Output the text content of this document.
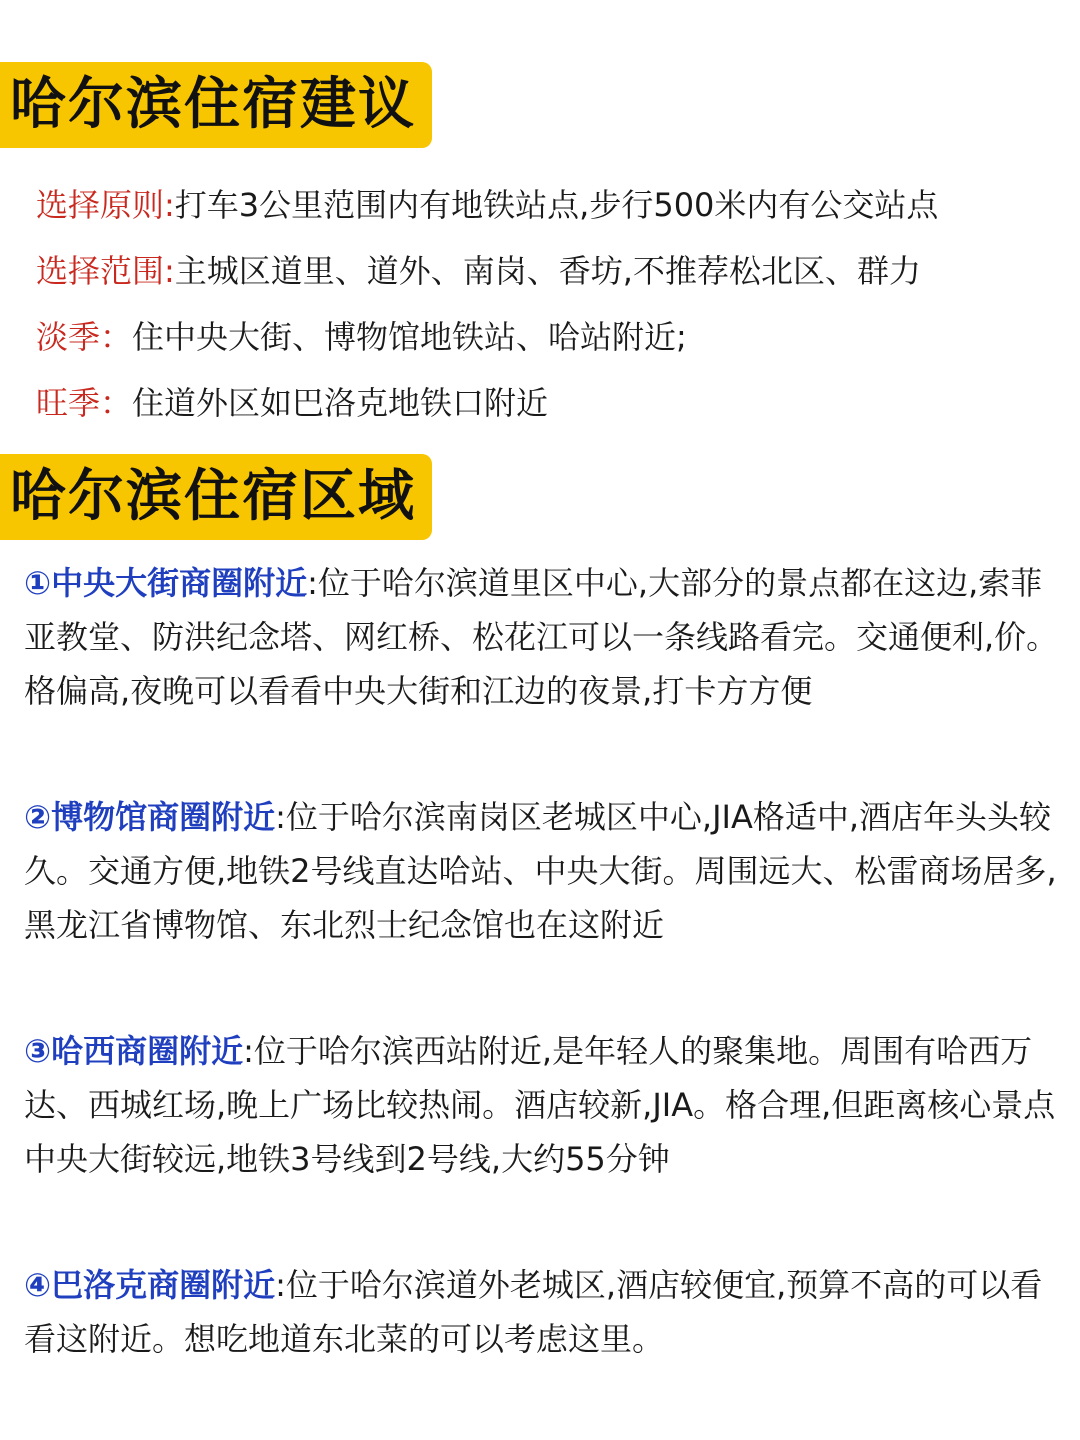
哈尔滨住宿建议
选择原则:打车3公里范围内有地铁站点,步行500米内有公交站点
选择范围:主城区道里、道外、南岗、香坊,不推荐松北区、群力
淡季：住中央大街、博物馆地铁站、哈站附近;
旺季：住道外区如巴洛克地铁口附近
哈尔滨住宿区域

①中央大街商圈附近:位于哈尔滨道里区中心,大部分的景点都在这边,索菲亚教堂、防洪纪念塔、网红桥、松花江可以一条线路看完。交通便利,价。格偏高,夜晚可以看看中央大街和江边的夜景,打卡方方便

②博物馆商圈附近:位于哈尔滨南岗区老城区中心,JIA格适中,酒店年头头较久。交通方便,地铁2号线直达哈站、中央大街。周围远大、松雷商场居多,黑龙江省博物馆、东北烈士纪念馆也在这附近

③哈西商圈附近:位于哈尔滨西站附近,是年轻人的聚集地。周围有哈西万达、西城红场,晚上广场比较热闹。酒店较新,JIA。格合理,但距离核心景点中央大街较远,地铁3号线到2号线,大约55分钟

④巴洛克商圈附近:位于哈尔滨道外老城区,酒店较便宜,预算不高的可以看看这附近。想吃地道东北菜的可以考虑这里。
